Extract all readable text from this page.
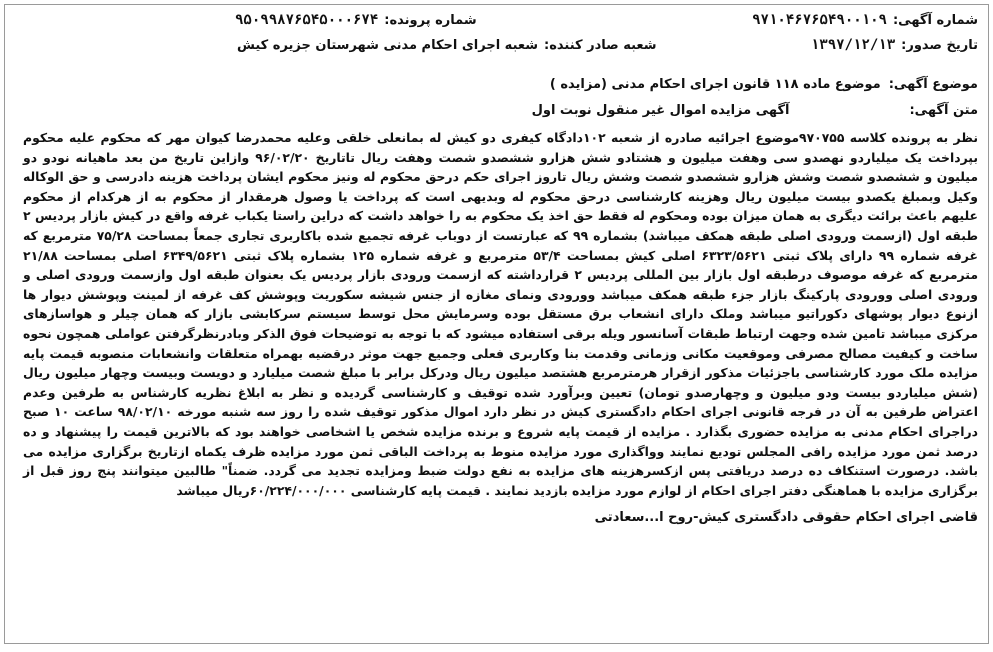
شماره آگهی:
۹۷۱۰۴۶۷۶۵۴۹۰۰۱۰۹
شماره پرونده:
۹۵۰۹۹۸۷۶۵۴۵۰۰۰۶۷۴
تاریخ صدور:
۱۳۹۷/۱۲/۱۳
شعبه صادر کننده:
شعبه اجرای احکام مدنی شهرستان جزیره کیش
موضوع آگهی:
موضوع ماده ۱۱۸ قانون اجرای احکام مدنی (مزایده )
متن آگهی:
آگهی مزایده اموال غیر منقول نوبت اول
نظر به پرونده کلاسه ۹۷۰۷۵۵موضوع اجرائیه صادره از شعبه ۱۰۲دادگاه کیفری دو کیش له بمانعلی خلقی وعلیه محمدرضا کیوان مهر که محکوم علیه محکوم بپرداخت یک میلیاردو نهصدو سی وهفت میلیون و هشتادو شش هزارو ششصدو شصت وهفت ریال تاتاریخ ۹۶/۰۲/۲۰ وازاین تاریخ من بعد ماهیانه نودو دو میلیون و ششصدو شصت وشش هزارو ششصدو شصت وشش ریال تاروز اجرای حکم درحق محکوم له ونیز محکوم ایشان پرداخت هزینه دادرسی و حق الوکاله وکیل وبمبلغ یکصدو بیست میلیون ریال وهزینه کارشناسی درحق محکوم له وبدیهی است که پرداخت یا وصول هرمقدار از محکوم به از هرکدام از محکوم علیهم باعث برائت دیگری به همان میزان بوده ومحکوم له فقط حق اخذ یک محکوم به را خواهد داشت که دراین راستا یکباب غرفه واقع در کیش بازار پردیس ۲ طبقه اول (ازسمت ورودی اصلی طبقه همکف میباشد) بشماره ۹۹ که عبارتست از دوباب غرفه تجمیع شده باکاربری تجاری جمعاً بمساحت ۷۵/۲۸ مترمربع که غرفه شماره ۹۹ دارای پلاک ثبتی ۶۳۲۳/۵۶۲۱ اصلی کیش بمساحت ۵۳/۴ مترمربع و غرفه شماره ۱۲۵ بشماره پلاک ثبتی ۶۳۴۹/۵۶۲۱ اصلی بمساحت ۲۱/۸۸ مترمربع که غرفه موصوف درطبقه اول بازار بین المللی پردیس ۲ قرارداشته که ازسمت ورودی بازار پردیس یک بعنوان طبقه اول وازسمت ورودی اصلی و ورودی اصلی وورودی پارکینگ بازار جزء طبقه همکف میباشد وورودی ونمای مغازه از جنس شیشه سکوریت وپوشش کف غرفه از لمینت وپوشش دیوار ها ازنوع دیوار پوشهای دکوراتیو میباشد وملک دارای انشعاب برق مستقل بوده وسرمایش محل توسط سیستم سرکابشی بازار که همان چیلر و هواسازهای مرکزی میباشد تامین شده وجهت ارتباط طبقات آسانسور ویله برقی استفاده میشود که با توجه به توضیحات فوق الذکر وبادرنظرگرفتن عواملی همچون نحوه ساخت و کیفیت مصالح مصرفی وموقعیت مکانی وزمانی وقدمت بنا وکاربری فعلی وجمیع جهت موثر درقضیه بهمراه متعلقات وانشعابات منصوبه قیمت پایه مزایده ملک مورد کارشناسی باجزئیات مذکور ازقرار هرمترمربع هشتصد میلیون ریال ودرکل برابر با مبلغ شصت میلیارد و دویست وبیست وچهار میلیون ریال (شش میلیاردو بیست ودو میلیون و وچهارصدو تومان) تعیین وبرآورد شده توقیف و کارشناسی گردیده و نظر به ابلاغ نظریه کارشناس به طرفین وعدم اعتراض طرفین به آن در فرجه قانونی اجرای احکام دادگستری کیش در نظر دارد اموال مذکور توقیف شده را روز سه شنبه مورخه ۹۸/۰۲/۱۰ ساعت ۱۰ صبح دراجرای احکام مدنی به مزایده حضوری بگذارد . مزایده از قیمت پایه شروع و برنده مزایده شخص یا اشخاصی خواهند بود که بالاترین قیمت را پیشنهاد و ده درصد ثمن مورد مزایده رافی المجلس تودیع نمایند وواگذاری مورد مزایده منوط به پرداخت الباقی ثمن مورد مزایده ظرف یکماه ازتاریخ برگزاری مزایده می باشد. درصورت استنکاف ده درصد دریافتی پس ازکسرهزینه های مزایده به نفع دولت ضبط ومزایده تجدید می گردد. ضمناً" طالبین میتوانند پنج روز قبل از برگزاری مزایده با هماهنگی دفتر اجرای احکام از لوازم مورد مزایده بازدید نمایند . قیمت پایه کارشناسی ۶۰/۲۲۴/۰۰۰/۰۰۰ریال میباشد
قاضی اجرای احکام حقوقی دادگستری کیش-روح ا...سعادتی
